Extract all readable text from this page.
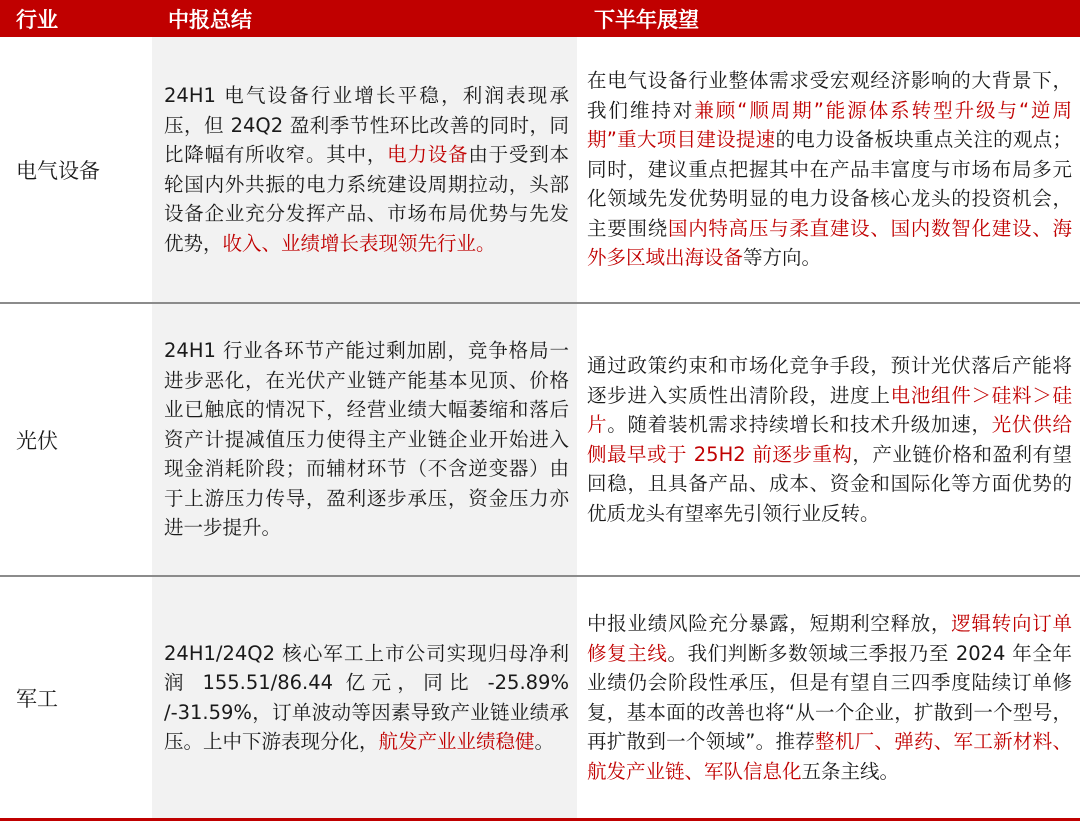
行业	中报总结	下半年展望
电气设备	24H1 电气设备行业增长平稳，利润表现承压，但 24Q2 盈利季节性环比改善的同时，同比降幅有所收窄。其中，电力设备由于受到本轮国内外共振的电力系统建设周期拉动，头部设备企业充分发挥产品、市场布局优势与先发优势，收入、业绩增长表现领先行业。	在电气设备行业整体需求受宏观经济影响的大背景下，我们维持对兼顾“顺周期”能源体系转型升级与“逆周期”重大项目建设提速的电力设备板块重点关注的观点；同时，建议重点把握其中在产品丰富度与市场布局多元化领域先发优势明显的电力设备核心龙头的投资机会，主要围绕国内特高压与柔直建设、国内数智化建设、海外多区域出海设备等方向。

光伏	24H1 行业各环节产能过剩加剧，竞争格局一进步恶化，在光伏产业链产能基本见顶、价格业已触底的情况下，经营业绩大幅萎缩和落后资产计提减值压力使得主产业链企业开始进入现金消耗阶段；而辅材环节（不含逆变器）由于上游压力传导，盈利逐步承压，资金压力亦进一步提升。	通过政策约束和市场化竞争手段，预计光伏落后产能将逐步进入实质性出清阶段，进度上电池组件＞硅料＞硅片。随着装机需求持续增长和技术升级加速，光伏供给侧最早或于 25H2 前逐步重构，产业链价格和盈利有望回稳，且具备产品、成本、资金和国际化等方面优势的优质龙头有望率先引领行业反转。

军工	24H1/24Q2 核心军工上市公司实现归母净利润 155.51/86.44 亿元，同比 -25.89% /-31.59%，订单波动等因素导致产业链业绩承压。上中下游表现分化，航发产业业绩稳健。	中报业绩风险充分暴露，短期利空释放，逻辑转向订单修复主线。我们判断多数领域三季报乃至 2024 年全年业绩仍会阶段性承压，但是有望自三四季度陆续订单修复，基本面的改善也将“从一个企业，扩散到一个型号，再扩散到一个领域”。推荐整机厂、弹药、军工新材料、航发产业链、军队信息化五条主线。
